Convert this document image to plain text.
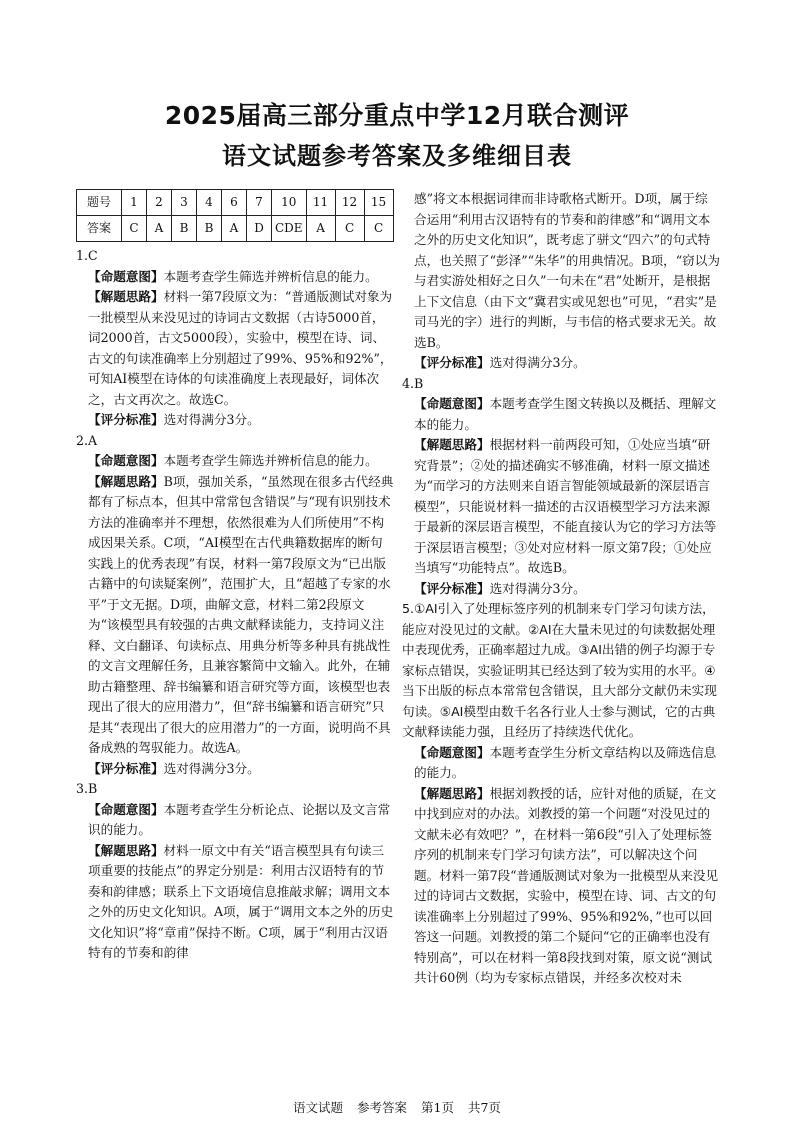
2025届高三部分重点中学12月联合测评
语文试题参考答案及多维细目表
题号	1	2	3	4	6	7	10	11	12	15
答案	C	A	B	B	A	D	CDE	A	C	C

1.C

【命题意图】本题考查学生筛选并辨析信息的能力。

【解题思路】材料一第7段原文为：“普通版测试对象为一批模型从来没见过的诗词古文数据（古诗5000首，词2000首，古文5000段），实验中，模型在诗、词、古文的句读准确率上分别超过了99%、95%和92%”，可知AI模型在诗体的句读准确度上表现最好，词体次之，古文再次之。故选C。

【评分标准】选对得满分3分。

2.A

【命题意图】本题考查学生筛选并辨析信息的能力。

【解题思路】B项，强加关系，“虽然现在很多古代经典都有了标点本，但其中常常包含错误”与“现有识别技术方法的准确率并不理想，依然很难为人们所使用”不构成因果关系。C项，“AI模型在古代典籍数据库的断句实践上的优秀表现”有误，材料一第7段原文为“已出版古籍中的句读疑案例”，范围扩大，且“超越了专家的水平”于文无据。D项，曲解文意，材料二第2段原文为“该模型具有较强的古典文献释读能力，支持词义注释、文白翻译、句读标点、用典分析等多种具有挑战性的文言文理解任务，且兼容繁简中文输入。此外，在辅助古籍整理、辞书编纂和语言研究等方面，该模型也表现出了很大的应用潜力”，但“辞书编纂和语言研究”只是其“表现出了很大的应用潜力”的一方面，说明尚不具备成熟的驾驭能力。故选A。

【评分标准】选对得满分3分。

3.B

【命题意图】本题考查学生分析论点、论据以及文言常识的能力。

【解题思路】材料一原文中有关“语言模型具有句读三项重要的技能点”的界定分别是：利用古汉语特有的节奏和韵律感；联系上下文语境信息推敲求解；调用文本之外的历史文化知识。A项，属于“调用文本之外的历史文化知识”将“章甫”保持不断。C项，属于“利用古汉语特有的节奏和韵律

感”将文本根据词律而非诗歌格式断开。D项，属于综合运用“利用古汉语特有的节奏和韵律感”和“调用文本之外的历史文化知识”，既考虑了骈文“四六”的句式特点，也关照了“彭泽”“朱华”的用典情况。B项，“窃以为与君实游处相好之日久”一句未在“君”处断开，是根据上下文信息（由下文“冀君实或见恕也”可见，“君实”是司马光的字）进行的判断，与韦信的格式要求无关。故选B。

【评分标准】选对得满分3分。

4.B

【命题意图】本题考查学生图文转换以及概括、理解文本的能力。

【解题思路】根据材料一前两段可知，①处应当填“研究背景”；②处的描述确实不够准确，材料一原文描述为“而学习的方法则来自语言智能领域最新的深层语言模型”，只能说材料一描述的古汉语模型学习方法来源于最新的深层语言模型，不能直接认为它的学习方法等于深层语言模型；③处对应材料一原文第7段；①处应当填写“功能特点”。故选B。

【评分标准】选对得满分3分。

5.①AI引入了处理标签序列的机制来专门学习句读方法，能应对没见过的文献。②AI在大量未见过的句读数据处理中表现优秀，正确率超过九成。③AI出错的例子均源于专家标点错误，实验证明其已经达到了较为实用的水平。④当下出版的标点本常常包含错误，且大部分文献仍未实现句读。⑤AI模型由数千名各行业人士参与测试，它的古典文献释读能力强，且经历了持续迭代优化。

【命题意图】本题考查学生分析文章结构以及筛选信息的能力。

【解题思路】根据刘教授的话，应针对他的质疑，在文中找到应对的办法。刘教授的第一个问题“对没见过的文献未必有效吧？”，在材料一第6段“引入了处理标签序列的机制来专门学习句读方法”，可以解决这个问题。材料一第7段“普通版测试对象为一批模型从来没见过的诗词古文数据，实验中，模型在诗、词、古文的句读准确率上分别超过了99%、95%和92%，”也可以回答这一问题。刘教授的第二个疑问“它的正确率也没有特别高”，可以在材料一第8段找到对策，原文说“测试共计60例（均为专家标点错误，并经多次校对未

语文试题 参考答案 第1页 共7页
